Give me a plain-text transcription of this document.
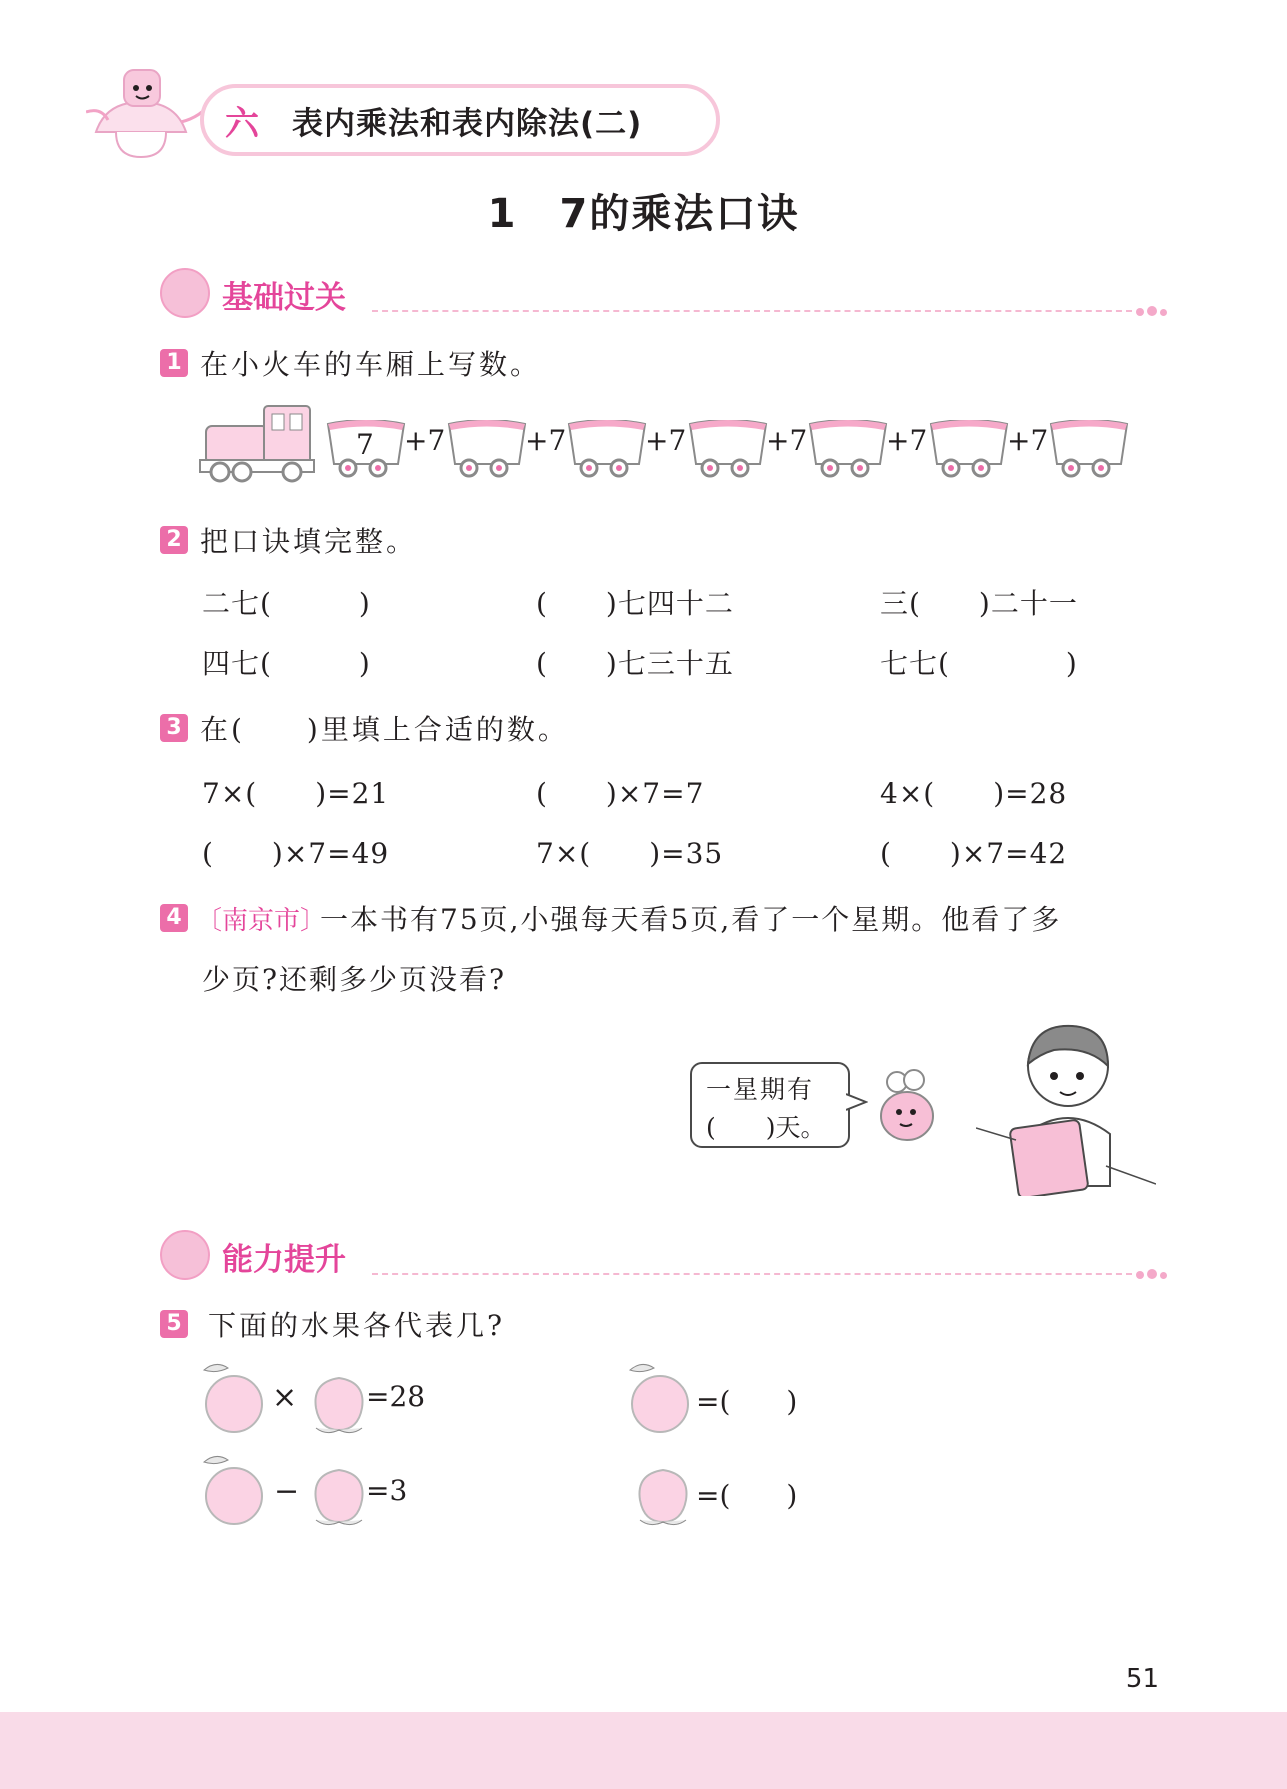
六 表内乘法和表内除法(二)
1　7的乘法口诀
基础过关
1 在小火车的车厢上写数。
7 +7	+7	+7	+7	+7	+7
2 把口诀填完整。
二七(　　　)	(　　)七四十二	三(　　)二十一
四七(　　　)	(　　)七三十五	七七(　　　　)
3 在(　　)里填上合适的数。
7×(　　)=21	(　　)×7=7	4×(　　)=28
(　　)×7=49	7×(　　)=35	(　　)×7=42
4 〔南京市〕
一本书有75页,小强每天看5页,看了一个星期。他看了多
少页?还剩多少页没看?
一星期有
(　　)天。
能力提升
5 下面的水果各代表几?
× =28	=(　　)
− =3	=(　　)
51
